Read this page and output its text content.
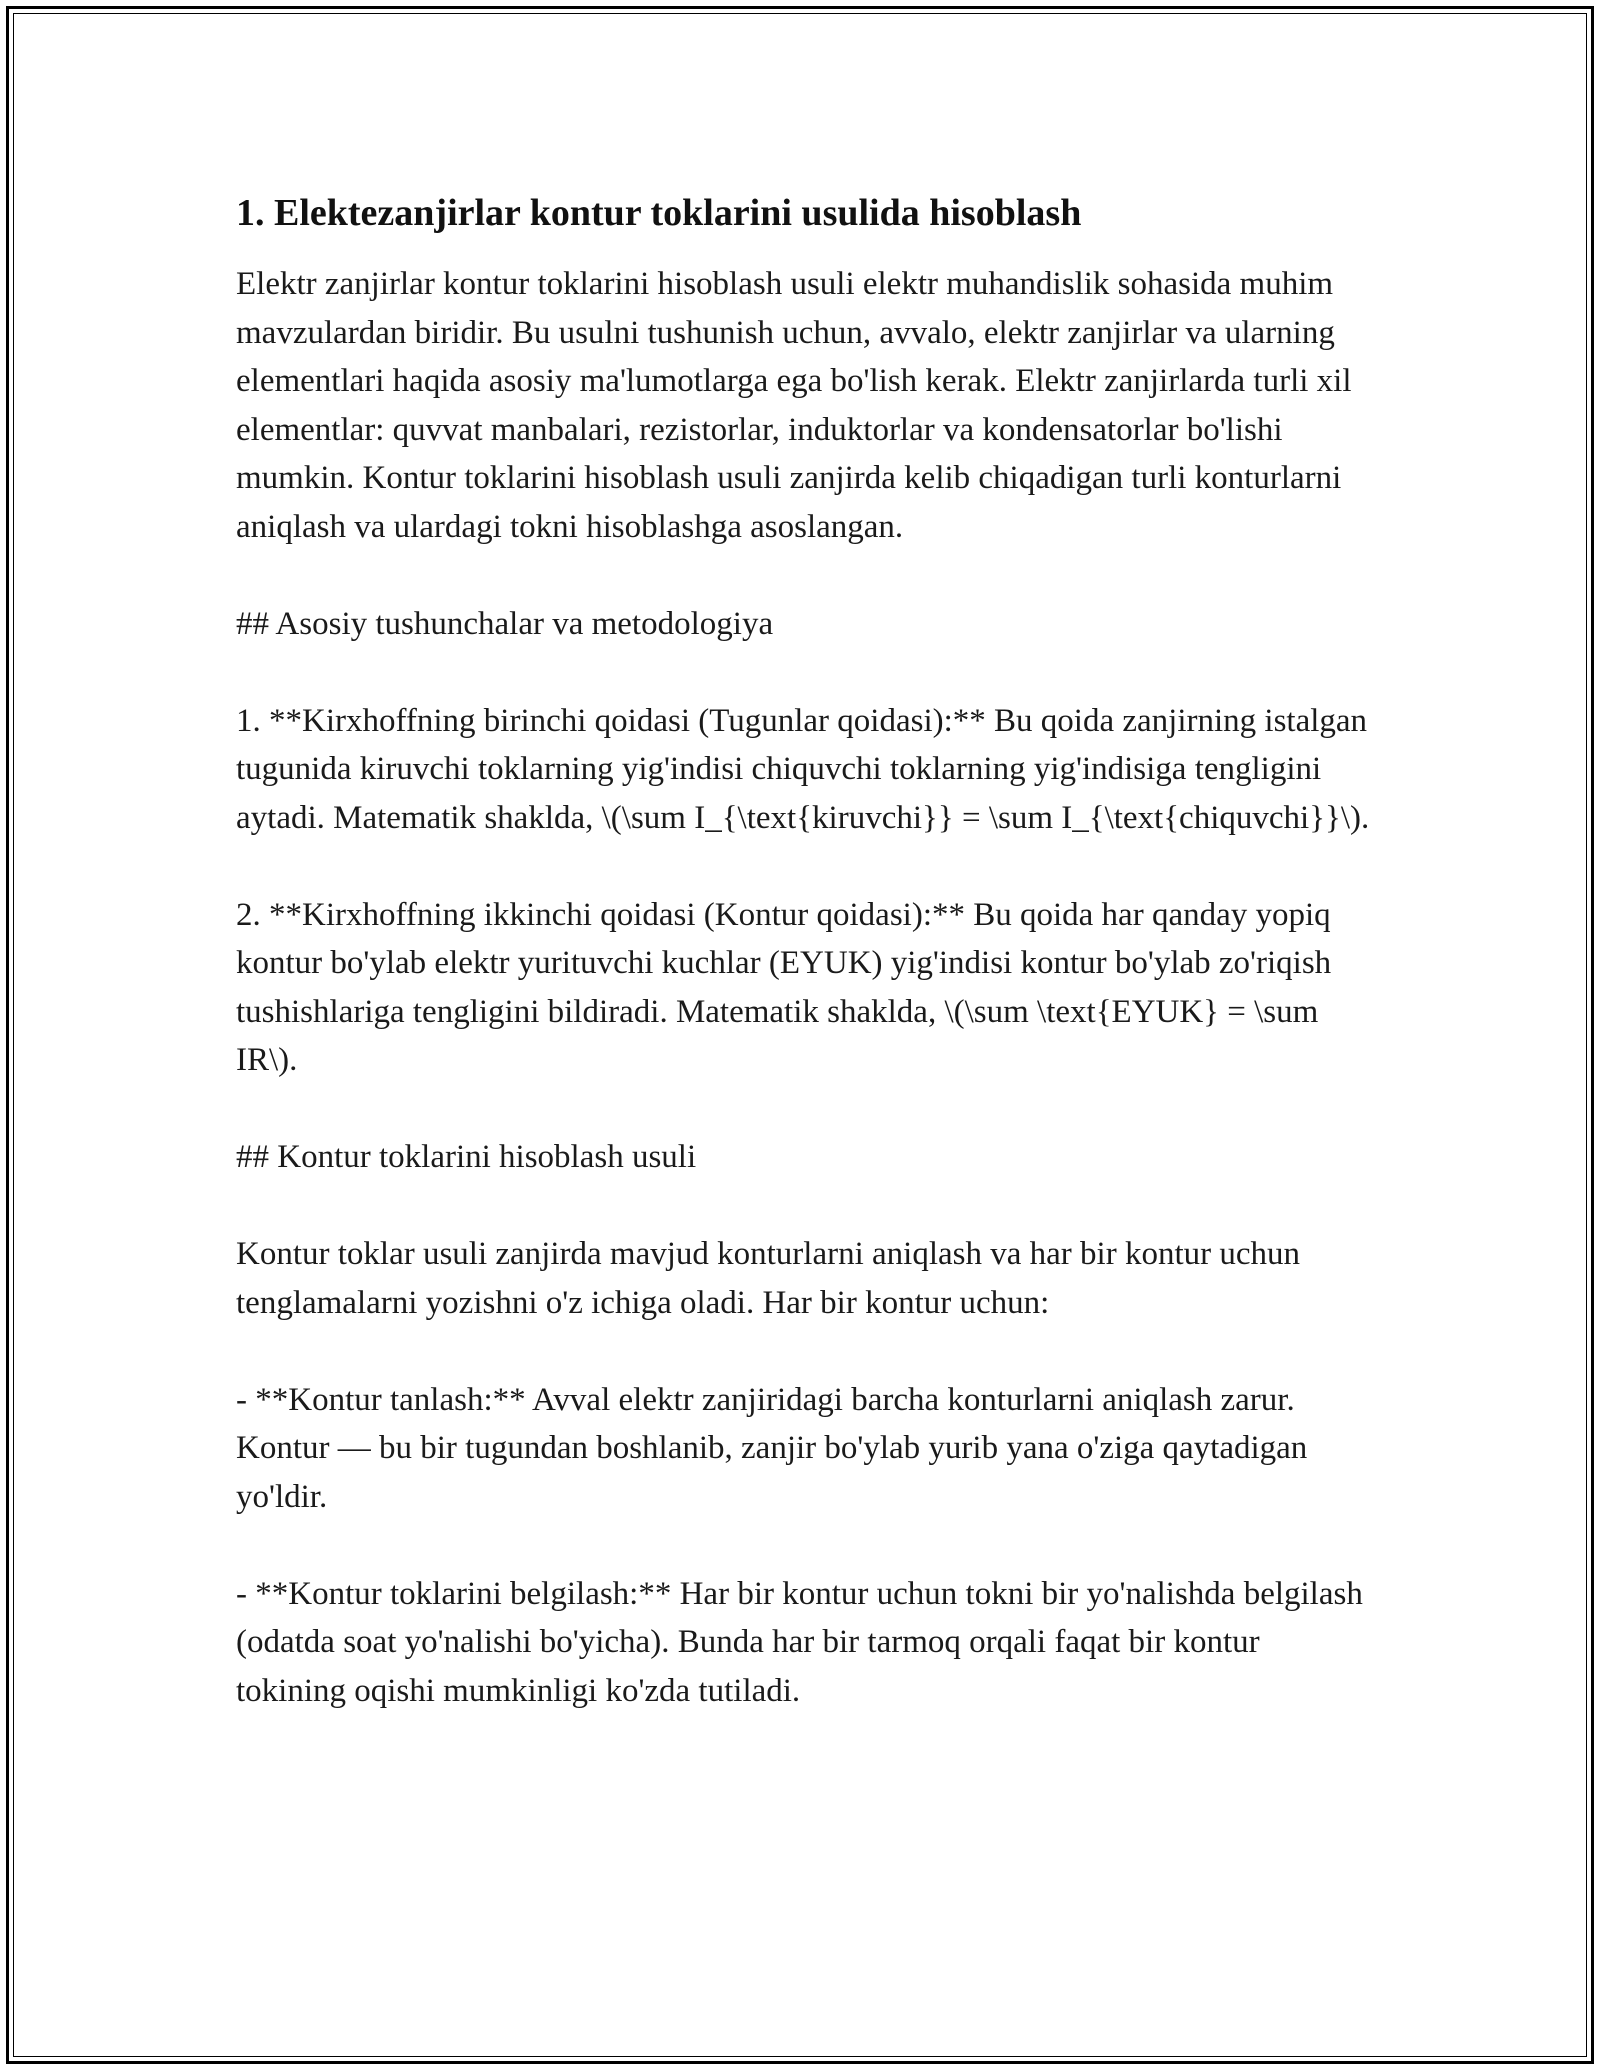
1. Elektezanjirlar kontur toklarini usulida hisoblash

Elektr zanjirlar kontur toklarini hisoblash usuli elektr muhandislik sohasida muhim mavzulardan biridir. Bu usulni tushunish uchun, avvalo, elektr zanjirlar va ularning elementlari haqida asosiy ma'lumotlarga ega bo'lish kerak. Elektr zanjirlarda turli xil elementlar: quvvat manbalari, rezistorlar, induktorlar va kondensatorlar bo'lishi mumkin. Kontur toklarini hisoblash usuli zanjirda kelib chiqadigan turli konturlarni aniqlash va ulardagi tokni hisoblashga asoslangan.

## Asosiy tushunchalar va metodologiya

1. **Kirxhoffning birinchi qoidasi (Tugunlar qoidasi):** Bu qoida zanjirning istalgan tugunida kiruvchi toklarning yig'indisi chiquvchi toklarning yig'indisiga tengligini aytadi. Matematik shaklda, \(\sum I_{\text{kiruvchi}} = \sum I_{\text{chiquvchi}}\).

2. **Kirxhoffning ikkinchi qoidasi (Kontur qoidasi):** Bu qoida har qanday yopiq kontur bo'ylab elektr yurituvchi kuchlar (EYUK) yig'indisi kontur bo'ylab zo'riqish tushishlariga tengligini bildiradi. Matematik shaklda, \(\sum \text{EYUK} = \sum IR\).

## Kontur toklarini hisoblash usuli

Kontur toklar usuli zanjirda mavjud konturlarni aniqlash va har bir kontur uchun tenglamalarni yozishni o'z ichiga oladi. Har bir kontur uchun:

- **Kontur tanlash:** Avval elektr zanjiridagi barcha konturlarni aniqlash zarur. Kontur — bu bir tugundan boshlanib, zanjir bo'ylab yurib yana o'ziga qaytadigan yo'ldir.

- **Kontur toklarini belgilash:** Har bir kontur uchun tokni bir yo'nalishda belgilash (odatda soat yo'nalishi bo'yicha). Bunda har bir tarmoq orqali faqat bir kontur tokining oqishi mumkinligi ko'zda tutiladi.
